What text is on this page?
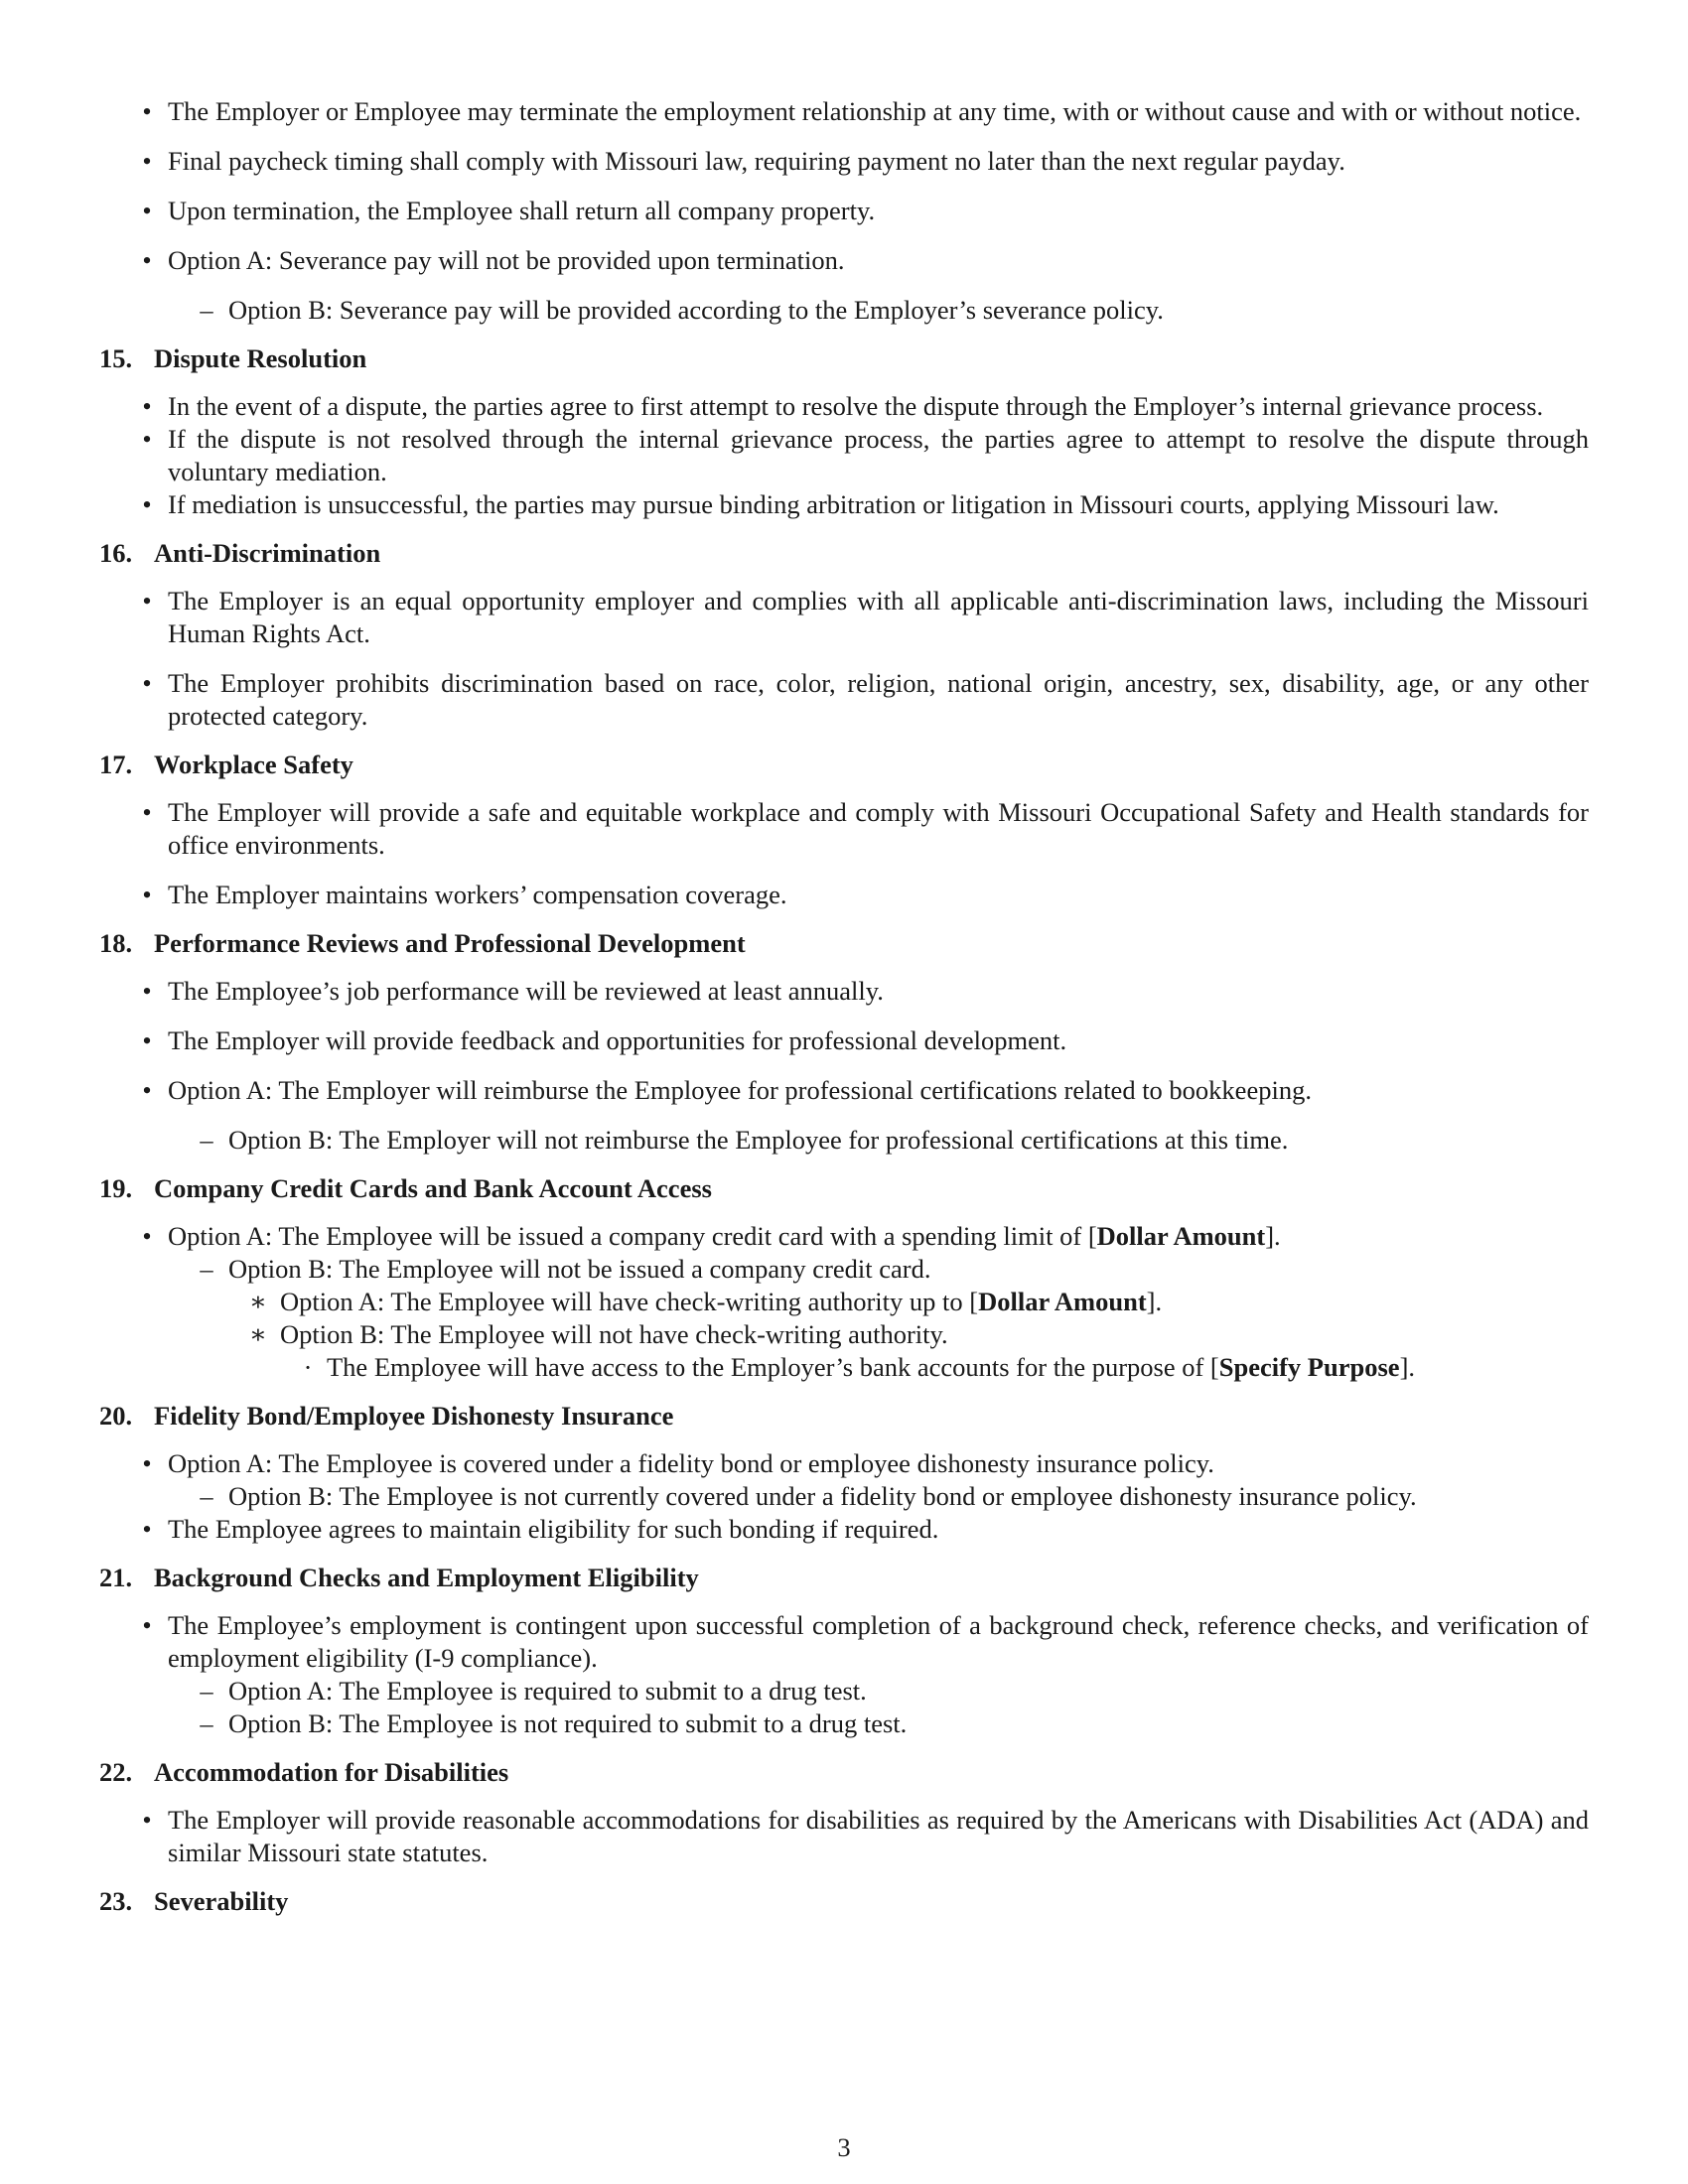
• The Employer or Employee may terminate the employment relationship at any time, with or without cause and with or without notice.
• Final paycheck timing shall comply with Missouri law, requiring payment no later than the next regular payday.
• Upon termination, the Employee shall return all company property.
• Option A: Severance pay will not be provided upon termination.
– Option B: Severance pay will be provided according to the Employer’s severance policy.
15. Dispute Resolution
• In the event of a dispute, the parties agree to first attempt to resolve the dispute through the Employer’s internal grievance process.
• If the dispute is not resolved through the internal grievance process, the parties agree to attempt to resolve the dispute through voluntary mediation.
• If mediation is unsuccessful, the parties may pursue binding arbitration or litigation in Missouri courts, applying Missouri law.
16. Anti-Discrimination
• The Employer is an equal opportunity employer and complies with all applicable anti-discrimination laws, including the Missouri Human Rights Act.
• The Employer prohibits discrimination based on race, color, religion, national origin, ancestry, sex, disability, age, or any other protected category.
17. Workplace Safety
• The Employer will provide a safe and equitable workplace and comply with Missouri Occupational Safety and Health standards for office environments.
• The Employer maintains workers’ compensation coverage.
18. Performance Reviews and Professional Development
• The Employee’s job performance will be reviewed at least annually.
• The Employer will provide feedback and opportunities for professional development.
• Option A: The Employer will reimburse the Employee for professional certifications related to bookkeeping.
– Option B: The Employer will not reimburse the Employee for professional certifications at this time.
19. Company Credit Cards and Bank Account Access
• Option A: The Employee will be issued a company credit card with a spending limit of [Dollar Amount].
– Option B: The Employee will not be issued a company credit card.
∗ Option A: The Employee will have check-writing authority up to [Dollar Amount].
∗ Option B: The Employee will not have check-writing authority.
· The Employee will have access to the Employer’s bank accounts for the purpose of [Specify Purpose].
20. Fidelity Bond/Employee Dishonesty Insurance
• Option A: The Employee is covered under a fidelity bond or employee dishonesty insurance policy.
– Option B: The Employee is not currently covered under a fidelity bond or employee dishonesty insurance policy.
• The Employee agrees to maintain eligibility for such bonding if required.
21. Background Checks and Employment Eligibility
• The Employee’s employment is contingent upon successful completion of a background check, reference checks, and verification of employment eligibility (I-9 compliance).
– Option A: The Employee is required to submit to a drug test.
– Option B: The Employee is not required to submit to a drug test.
22. Accommodation for Disabilities
• The Employer will provide reasonable accommodations for disabilities as required by the Americans with Disabilities Act (ADA) and similar Missouri state statutes.
23. Severability
3
